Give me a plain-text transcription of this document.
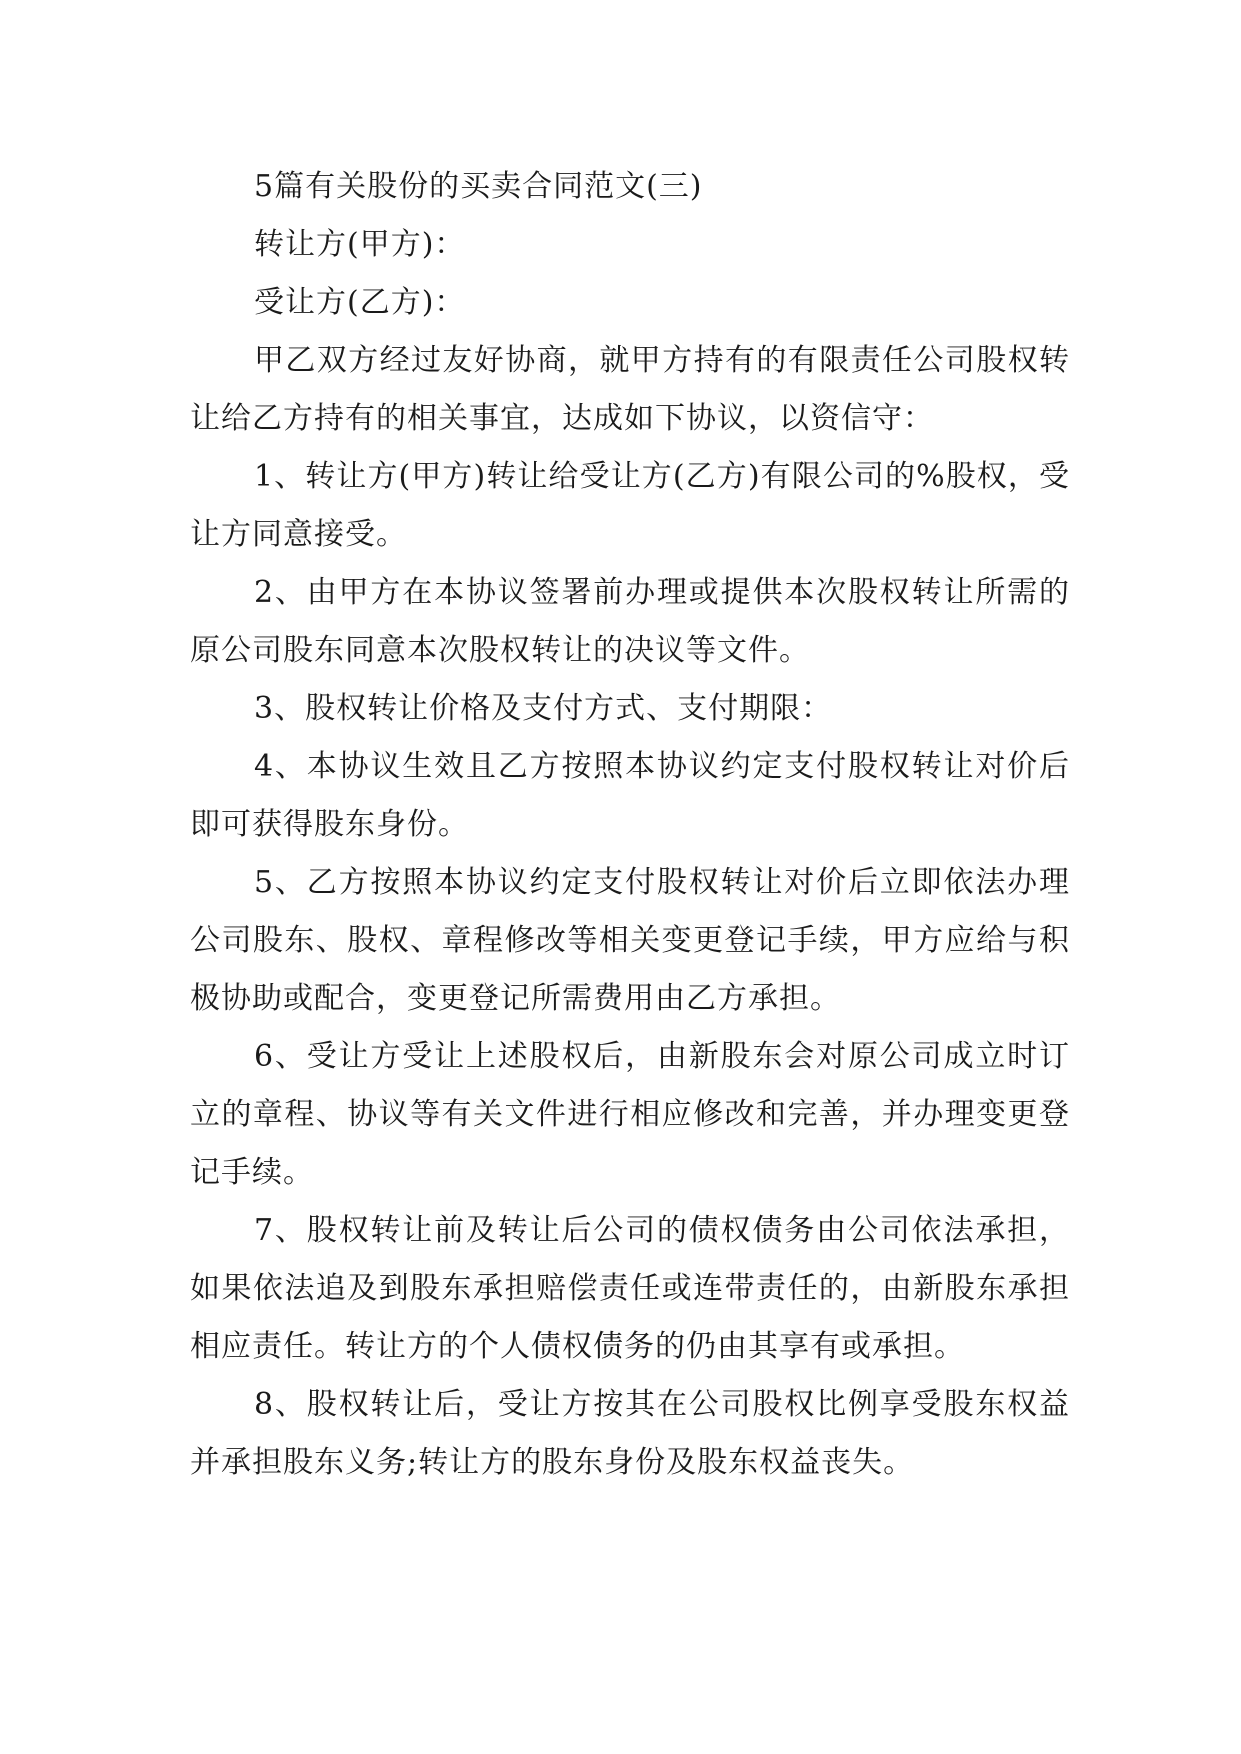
5篇有关股份的买卖合同范文(三)

转让方(甲方)：

受让方(乙方)：

甲乙双方经过友好协商，就甲方持有的有限责任公司股权转让给乙方持有的相关事宜，达成如下协议，以资信守：

1、转让方(甲方)转让给受让方(乙方)有限公司的%股权，受让方同意接受。

2、由甲方在本协议签署前办理或提供本次股权转让所需的原公司股东同意本次股权转让的决议等文件。

3、股权转让价格及支付方式、支付期限：

4、本协议生效且乙方按照本协议约定支付股权转让对价后即可获得股东身份。

5、乙方按照本协议约定支付股权转让对价后立即依法办理公司股东、股权、章程修改等相关变更登记手续，甲方应给与积极协助或配合，变更登记所需费用由乙方承担。

6、受让方受让上述股权后，由新股东会对原公司成立时订立的章程、协议等有关文件进行相应修改和完善，并办理变更登记手续。

7、股权转让前及转让后公司的债权债务由公司依法承担，如果依法追及到股东承担赔偿责任或连带责任的，由新股东承担相应责任。转让方的个人债权债务的仍由其享有或承担。

8、股权转让后，受让方按其在公司股权比例享受股东权益并承担股东义务;转让方的股东身份及股东权益丧失。
